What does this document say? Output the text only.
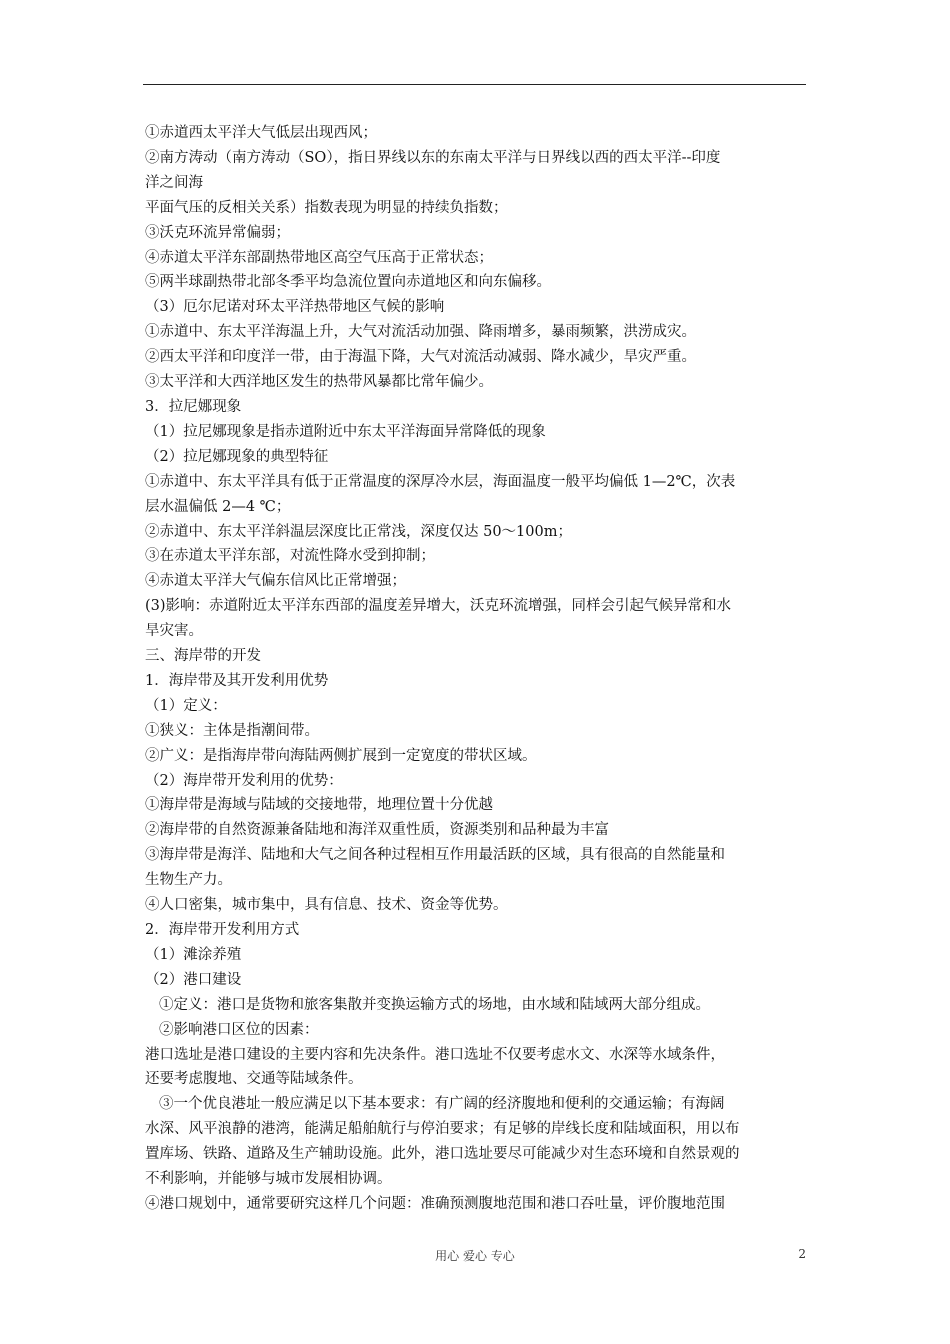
①赤道西太平洋大气低层出现西风；
②南方涛动（南方涛动（SO），指日界线以东的东南太平洋与日界线以西的西太平洋--印度
洋之间海
平面气压的反相关关系）指数表现为明显的持续负指数；
③沃克环流异常偏弱；
④赤道太平洋东部副热带地区高空气压高于正常状态；
⑤两半球副热带北部冬季平均急流位置向赤道地区和向东偏移。
（3）厄尔尼诺对环太平洋热带地区气候的影响
①赤道中、东太平洋海温上升，大气对流活动加强、降雨增多，暴雨频繁，洪涝成灾。
②西太平洋和印度洋一带，由于海温下降，大气对流活动减弱、降水减少，旱灾严重。
③太平洋和大西洋地区发生的热带风暴都比常年偏少。
3．拉尼娜现象
（1）拉尼娜现象是指赤道附近中东太平洋海面异常降低的现象
（2）拉尼娜现象的典型特征
①赤道中、东太平洋具有低于正常温度的深厚冷水层，海面温度一般平均偏低 1—2℃，次表
层水温偏低 2—4 ℃；
②赤道中、东太平洋斜温层深度比正常浅，深度仅达 50～100m；
③在赤道太平洋东部，对流性降水受到抑制；
④赤道太平洋大气偏东信风比正常增强；
(3)影响：赤道附近太平洋东西部的温度差异增大，沃克环流增强，同样会引起气候异常和水
旱灾害。
三、海岸带的开发
1．海岸带及其开发利用优势
（1）定义：
①狭义：主体是指潮间带。
②广义：是指海岸带向海陆两侧扩展到一定宽度的带状区域。
（2）海岸带开发利用的优势：
①海岸带是海域与陆域的交接地带，地理位置十分优越
②海岸带的自然资源兼备陆地和海洋双重性质，资源类别和品种最为丰富
③海岸带是海洋、陆地和大气之间各种过程相互作用最活跃的区域，具有很高的自然能量和
生物生产力。
④人口密集，城市集中，具有信息、技术、资金等优势。
2．海岸带开发利用方式
（1）滩涂养殖
（2）港口建设
①定义：港口是货物和旅客集散并变换运输方式的场地，由水域和陆域两大部分组成。
②影响港口区位的因素：
港口选址是港口建设的主要内容和先决条件。港口选址不仅要考虑水文、水深等水域条件，
还要考虑腹地、交通等陆域条件。
③一个优良港址一般应满足以下基本要求：有广阔的经济腹地和便利的交通运输；有海阔
水深、风平浪静的港湾，能满足船舶航行与停泊要求；有足够的岸线长度和陆域面积，用以布
置库场、铁路、道路及生产辅助设施。此外，港口选址要尽可能减少对生态环境和自然景观的
不利影响，并能够与城市发展相协调。
④港口规划中，通常要研究这样几个问题：准确预测腹地范围和港口吞吐量，评价腹地范围
用心 爱心 专心	2
